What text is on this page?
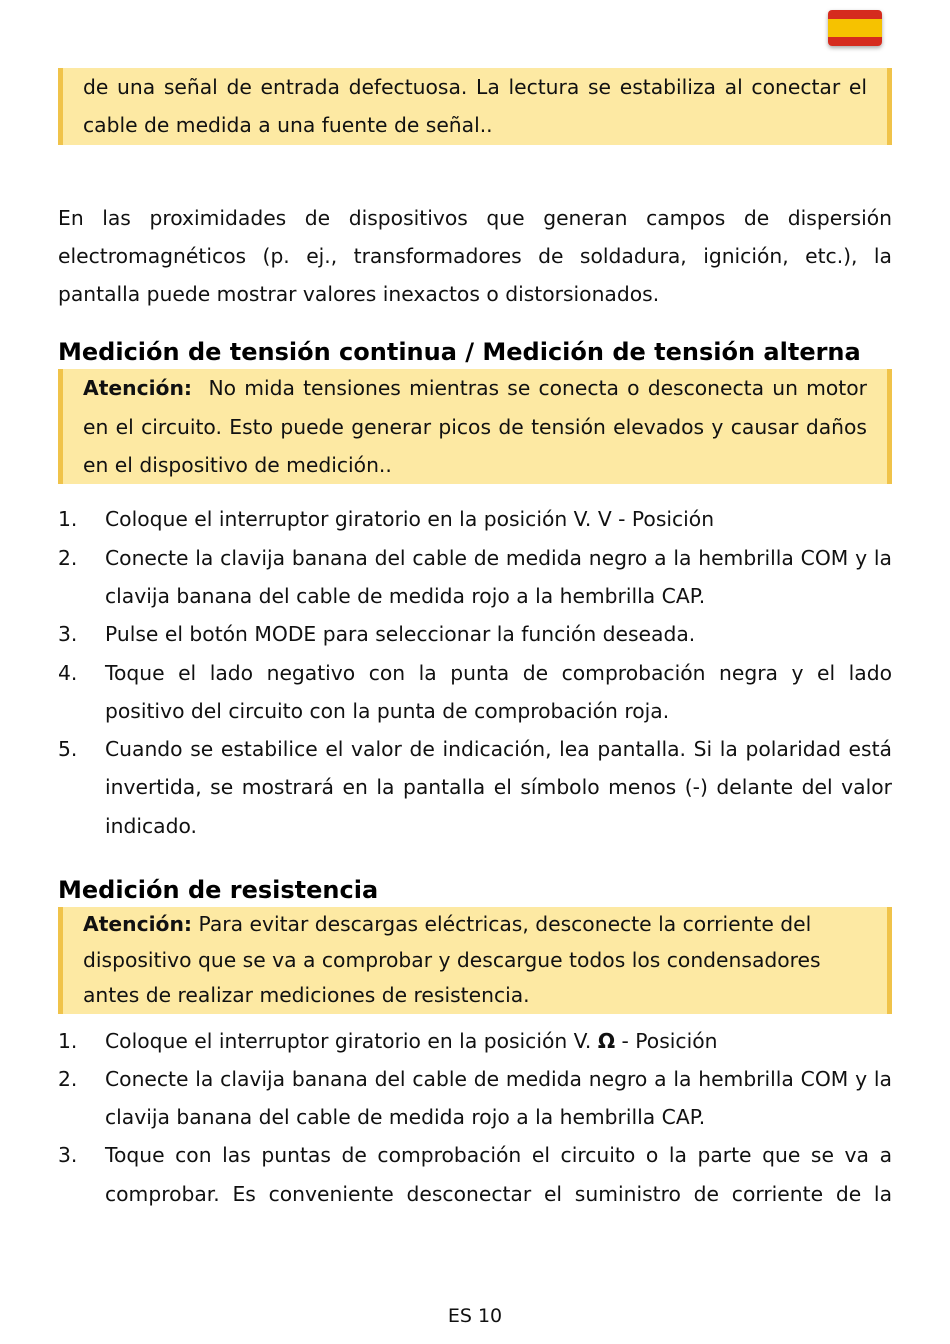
de una señal de entrada defectuosa. La lectura se estabiliza al conectar el cable de medida a una fuente de señal..

En las proximidades de dispositivos que generan campos de dispersión electromagnéticos (p. ej., transformadores de soldadura, ignición, etc.), la pantalla puede mostrar valores inexactos o distorsionados.

Medición de tensión continua / Medición de tensión alterna
Atención: No mida tensiones mientras se conecta o desconecta un motor en el circuito. Esto puede generar picos de tensión elevados y causar daños en el dispositivo de medición..
1. Coloque el interruptor giratorio en la posición V. V - Posición
2. Conecte la clavija banana del cable de medida negro a la hembrilla COM y la clavija banana del cable de medida rojo a la hembrilla CAP.
3. Pulse el botón MODE para seleccionar la función deseada.
4. Toque el lado negativo con la punta de comprobación negra y el lado positivo del circuito con la punta de comprobación roja.
5. Cuando se estabilice el valor de indicación, lea pantalla. Si la polaridad está invertida, se mostrará en la pantalla el símbolo menos (-) delante del valor indicado.
Medición de resistencia
Atención: Para evitar descargas eléctricas, desconecte la corriente del dispositivo que se va a comprobar y descargue todos los condensadores antes de realizar mediciones de resistencia.
1. Coloque el interruptor giratorio en la posición V. Ω - Posición
2. Conecte la clavija banana del cable de medida negro a la hembrilla COM y la clavija banana del cable de medida rojo a la hembrilla CAP.
3. Toque con las puntas de comprobación el circuito o la parte que se va a comprobar. Es conveniente desconectar el suministro de corriente de la
ES 10
